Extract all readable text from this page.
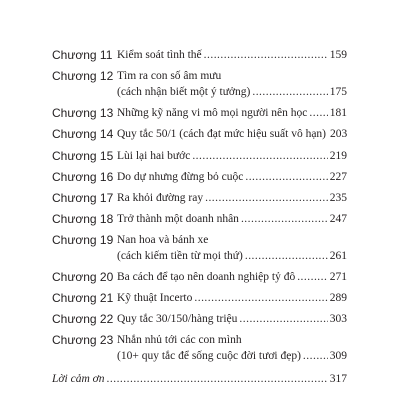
Chương 11 Kiểm soát tình thế . . .	159
Chương 12 Tìm ra con số âm mưu
(cách nhận biết một ý tưởng) . . .	175
Chương 13 Những kỹ năng vi mô mọi người nên học . . . 181
Chương 14 Quy tắc 50/1 (cách đạt mức hiệu suất vô hạn) 203
Chương 15 Lùi lại hai bước . . .	219
Chương 16 Do dự nhưng đừng bỏ cuộc . . .	227
Chương 17 Ra khỏi đường ray . . .	235
Chương 18 Trở thành một doanh nhân . . .	247
Chương 19 Nan hoa và bánh xe
(cách kiếm tiền từ mọi thứ) . . .	261
Chương 20 Ba cách để tạo nên doanh nghiệp tỷ đô . . .	271
Chương 21 Kỹ thuật Incerto . . .	289
Chương 22 Quy tắc 30/150/hàng triệu . . .	303
Chương 23 Nhắn nhủ tới các con mình
(10+ quy tắc để sống cuộc đời tươi đẹp) . . .	309
Lời cảm ơn . . .	317
